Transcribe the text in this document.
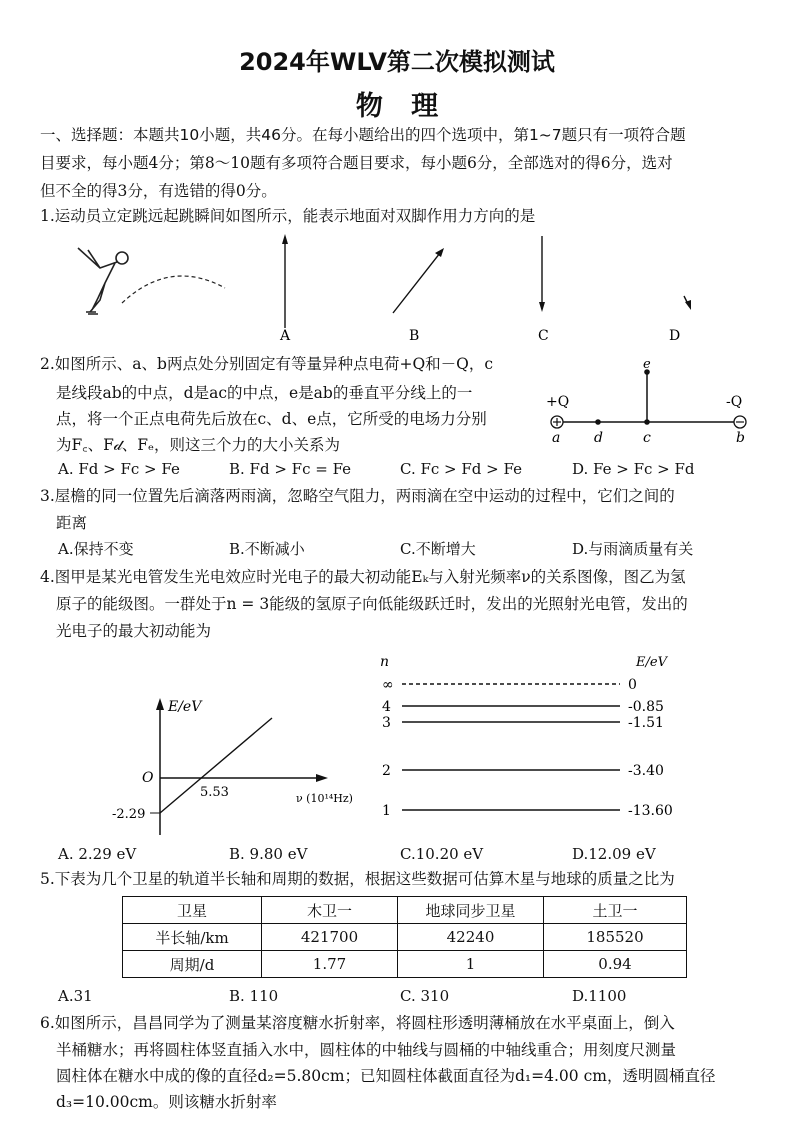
2024年WLV第二次模拟测试
物   理
一、选择题：本题共10小题，共46分。在每小题给出的四个选项中，第1~7题只有一项符合题
目要求，每小题4分；第8～10题有多项符合题目要求，每小题6分，全部选对的得6分，选对
但不全的得3分，有选错的得0分。
1.运动员立定跳远起跳瞬间如图所示，能表示地面对双脚作用力方向的是
A	B	C	D
2.如图所示、a、b两点处分别固定有等量异种点电荷+Q和－Q，c
是线段ab的中点，d是ac的中点，e是ab的垂直平分线上的一
点，将一个正点电荷先后放在c、d、e点，它所受的电场力分别
为F꜀、F𝒹、Fₑ，则这三个力的大小关系为
+Q	-Q
a d	c	b
e
A. Fd > Fc > Fe	B. Fd > Fc = Fe	C. Fc > Fd > Fe	D. Fe > Fc > Fd
3.屋檐的同一位置先后滴落两雨滴，忽略空气阻力，两雨滴在空中运动的过程中，它们之间的
距离
A.保持不变	B.不断减小	C.不断增大	D.与雨滴质量有关
4.图甲是某光电管发生光电效应时光电子的最大初动能Eₖ与入射光频率ν的关系图像，图乙为氢
原子的能级图。一群处于n = 3能级的氢原子向低能级跃迁时，发出的光照射光电管，发出的
光电子的最大初动能为
E/eV
O
5.53
-2.29
ν (10¹⁴Hz)
n	E/eV
∞	0
4	-0.85
3	-1.51
2	-3.40
1	-13.60
A. 2.29 eV	B. 9.80 eV	C.10.20 eV	D.12.09 eV
5.下表为几个卫星的轨道半长轴和周期的数据，根据这些数据可估算木星与地球的质量之比为
卫星	木卫一	地球同步卫星	土卫一
半长轴/km	421700	42240	185520
周期/d	1.77	1	0.94
A.31	B. 110	C. 310	D.1100
6.如图所示，昌昌同学为了测量某溶度糖水折射率，将圆柱形透明薄桶放在水平桌面上，倒入
半桶糖水；再将圆柱体竖直插入水中，圆柱体的中轴线与圆桶的中轴线重合；用刻度尺测量
圆柱体在糖水中成的像的直径d₂=5.80cm；已知圆柱体截面直径为d₁=4.00 cm，透明圆桶直径
d₃=10.00cm。则该糖水折射率
